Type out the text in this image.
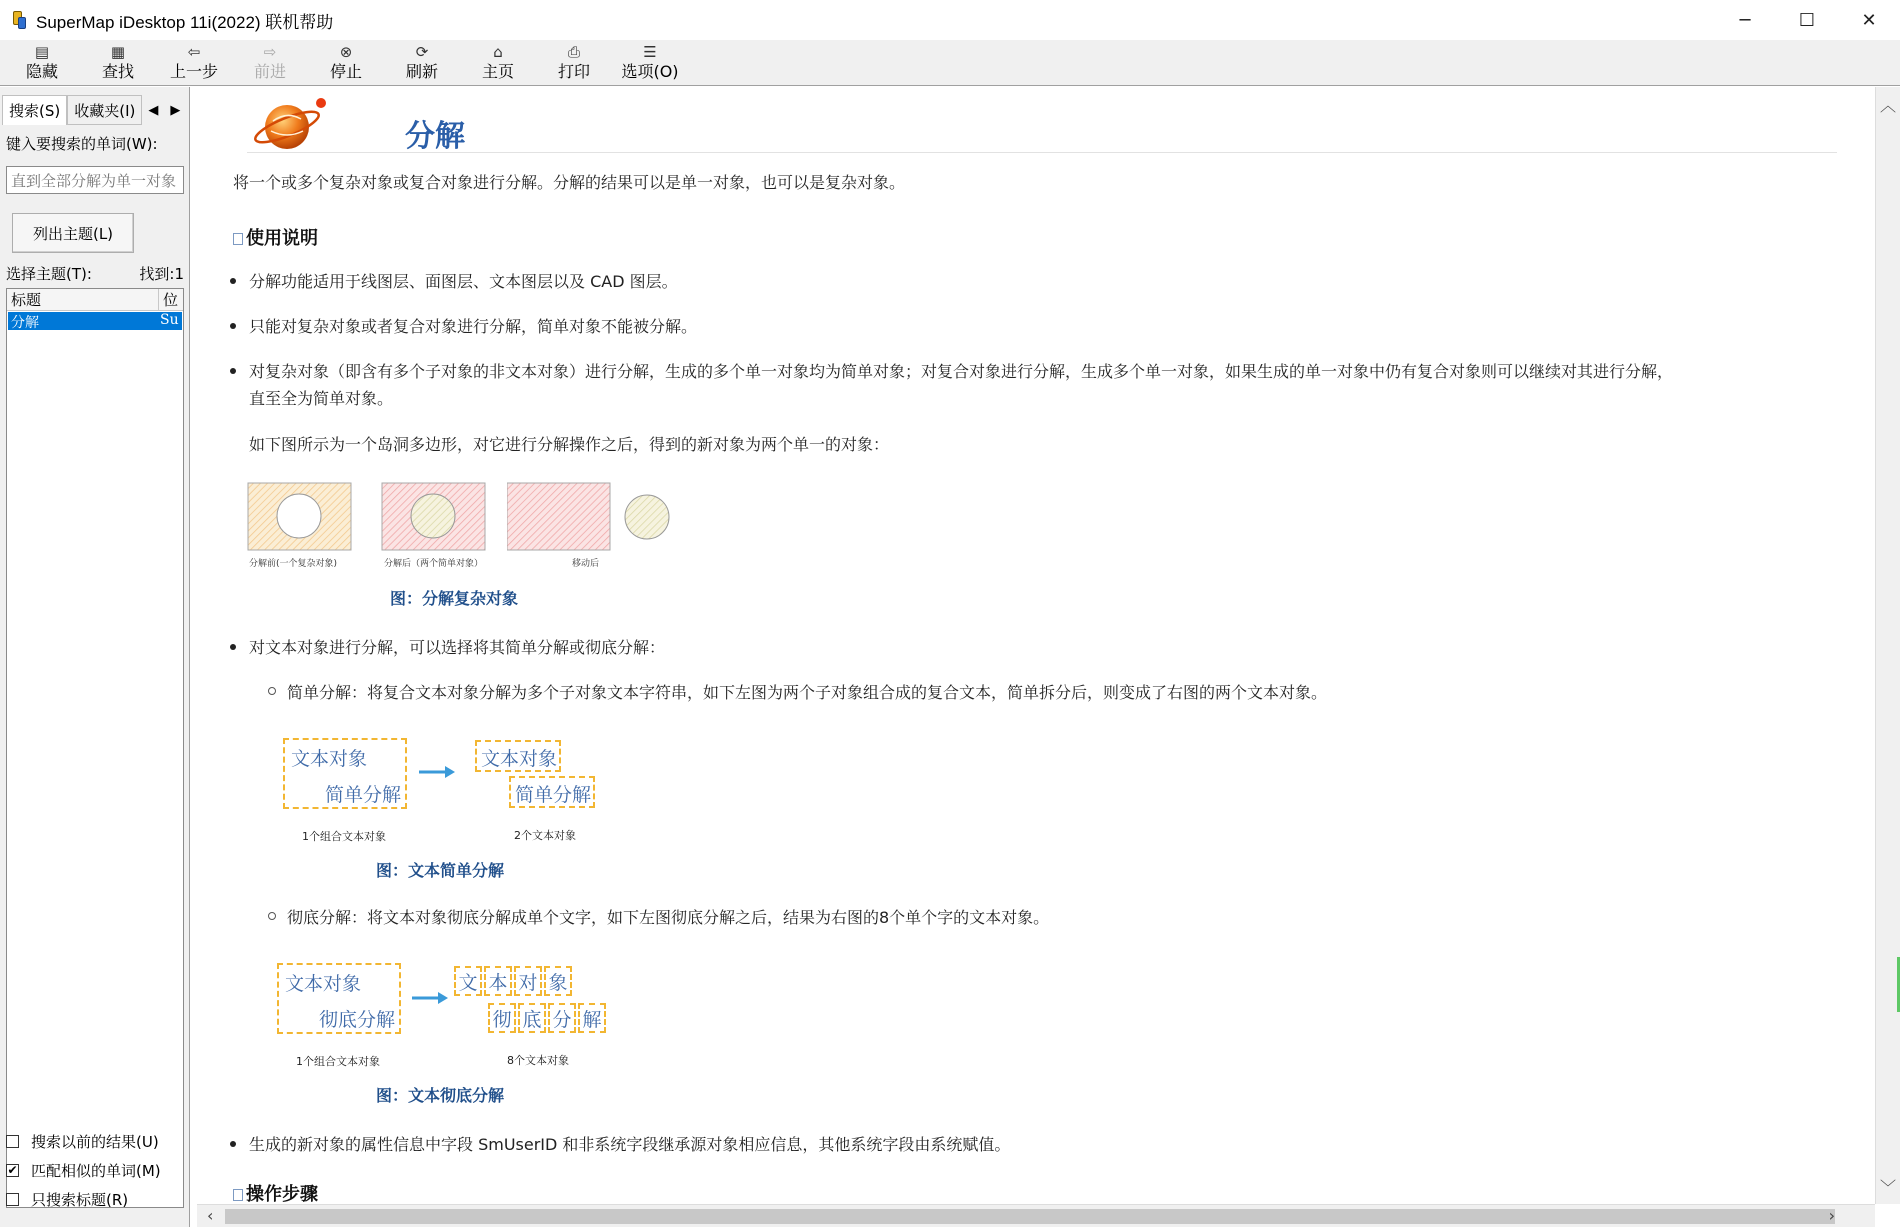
SuperMap iDesktop 11i(2022) 联机帮助	─	☐	✕
▤
隐藏
▦
查找
⇦
上一步
⇨
前进
⊗
停止
⟳
刷新
⌂
主页
⎙
打印
☰
选项(O)
搜索(S) 收藏夹(I)	◀ ▶
键入要搜索的单词(W):
直到全部分解为单一对象
列出主题(L)
选择主题(T):	找到:1
标题	位
分解	Su
搜索以前的结果(U)
✔ 匹配相似的单词(M)
只搜索标题(R)
分解
将一个或多个复杂对象或复合对象进行分解。分解的结果可以是单一对象，也可以是复杂对象。
使用说明
分解功能适用于线图层、面图层、文本图层以及 CAD 图层。
只能对复杂对象或者复合对象进行分解，简单对象不能被分解。
对复杂对象（即含有多个子对象的非文本对象）进行分解，生成的多个单一对象均为简单对象；对复合对象进行分解，生成多个单一对象，如果生成的单一对象中仍有复合对象则可以继续对其进行分解，
直至全为简单对象。
如下图所示为一个岛洞多边形，对它进行分解操作之后，得到的新对象为两个单一的对象：
分解前(一个复杂对象)	分解后（两个简单对象）	移动后
图：分解复杂对象
对文本对象进行分解，可以选择将其简单分解或彻底分解：
简单分解：将复合文本对象分解为多个子对象文本字符串，如下左图为两个子对象组合成的复合文本，简单拆分后，则变成了右图的两个文本对象。
文本对象
简单分解
文本对象
简单分解
1个组合文本对象	2个文本对象
图：文本简单分解
彻底分解：将文本对象彻底分解成单个文字，如下左图彻底分解之后，结果为右图的8个单个字的文本对象。
文本对象
彻底分解
文 本 对 象
彻 底 分 解
1个组合文本对象	8个文本对象
图：文本彻底分解
生成的新对象的属性信息中字段 SmUserID 和非系统字段继承源对象相应信息，其他系统字段由系统赋值。
操作步骤
︿
﹀
‹	›
